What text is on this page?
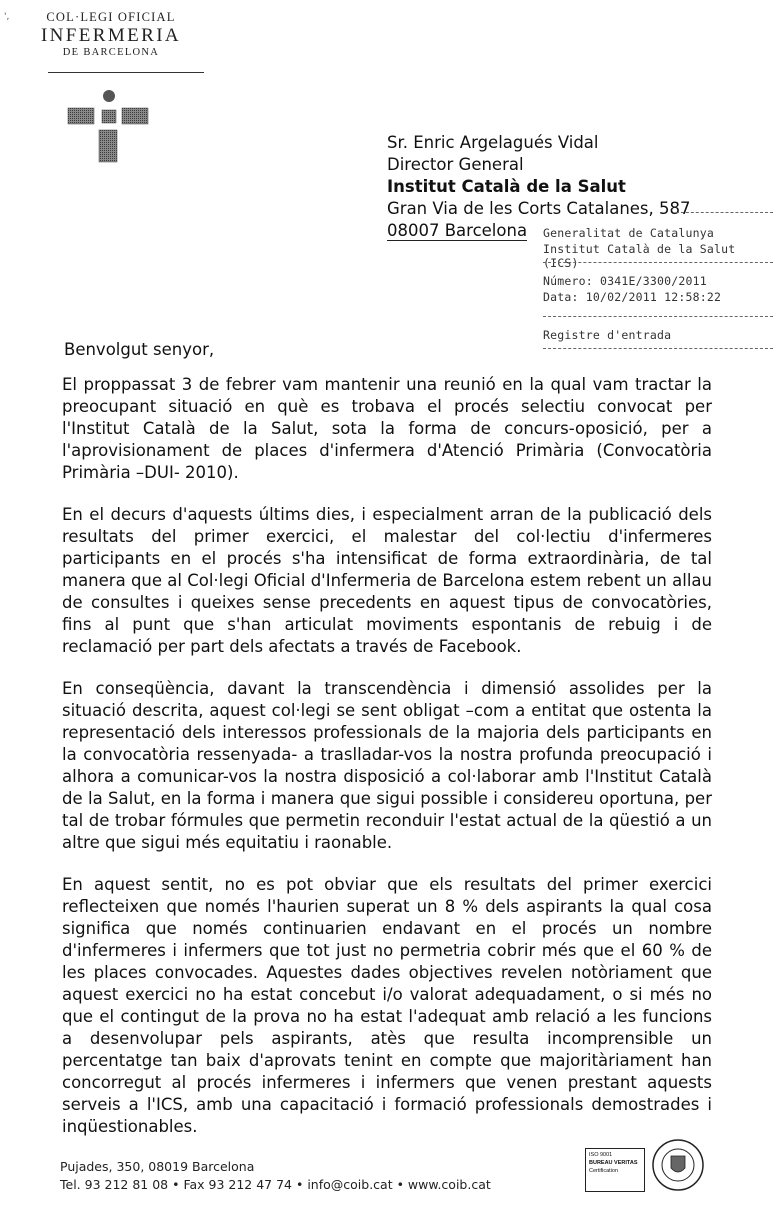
',	COL·LEGI OFICIAL
INFERMERIA
DE BARCELONA
Sr. Enric Argelagués Vidal
Director General
Institut Català de la Salut
Gran Via de les Corts Catalanes, 587
08007 Barcelona	Generalitat de Catalunya
Institut Català de la Salut (ICS)
Número: 0341E/3300/2011
Data: 10/02/2011 12:58:22
Registre d'entrada
Benvolgut senyor,

El proppassat 3 de febrer vam mantenir una reunió en la qual vam tractar la preocupant situació en què es trobava el procés selectiu convocat per l'Institut Català de la Salut, sota la forma de concurs-oposició, per a l'aprovisionament de places d'infermera d'Atenció Primària (Convocatòria Primària –DUI- 2010).

En el decurs d'aquests últims dies, i especialment arran de la publicació dels resultats del primer exercici, el malestar del col·lectiu d'infermeres participants en el procés s'ha intensificat de forma extraordinària, de tal manera que al Col·legi Oficial d'Infermeria de Barcelona estem rebent un allau de consultes i queixes sense precedents en aquest tipus de convocatòries, fins al punt que s'han articulat moviments espontanis de rebuig i de reclamació per part dels afectats a través de Facebook.

En conseqüència, davant la transcendència i dimensió assolides per la situació descrita, aquest col·legi se sent obligat –com a entitat que ostenta la representació dels interessos professionals de la majoria dels participants en la convocatòria ressenyada- a traslladar-vos la nostra profunda preocupació i alhora a comunicar-vos la nostra disposició a col·laborar amb l'Institut Català de la Salut, en la forma i manera que sigui possible i considereu oportuna, per tal de trobar fórmules que permetin reconduir l'estat actual de la qüestió a un altre que sigui més equitatiu i raonable.

En aquest sentit, no es pot obviar que els resultats del primer exercici reflecteixen que només l'haurien superat un 8 % dels aspirants la qual cosa significa que només continuarien endavant en el procés un nombre d'infermeres i infermers que tot just no permetria cobrir més que el 60 % de les places convocades. Aquestes dades objectives revelen notòriament que aquest exercici no ha estat concebut i/o valorat adequadament, o si més no que el contingut de la prova no ha estat l'adequat amb relació a les funcions a desenvolupar pels aspirants, atès que resulta incomprensible un percentatge tan baix d'aprovats tenint en compte que majoritàriament han concorregut al procés infermeres i infermers que venen prestant aquests serveis a l'ICS, amb una capacitació i formació professionals demostrades i inqüestionables.

Pujades, 350, 08019 Barcelona
Tel. 93 212 81 08 • Fax 93 212 47 74 • info@coib.cat • www.coib.cat
ISO 9001
BUREAU VERITAS
Certification
